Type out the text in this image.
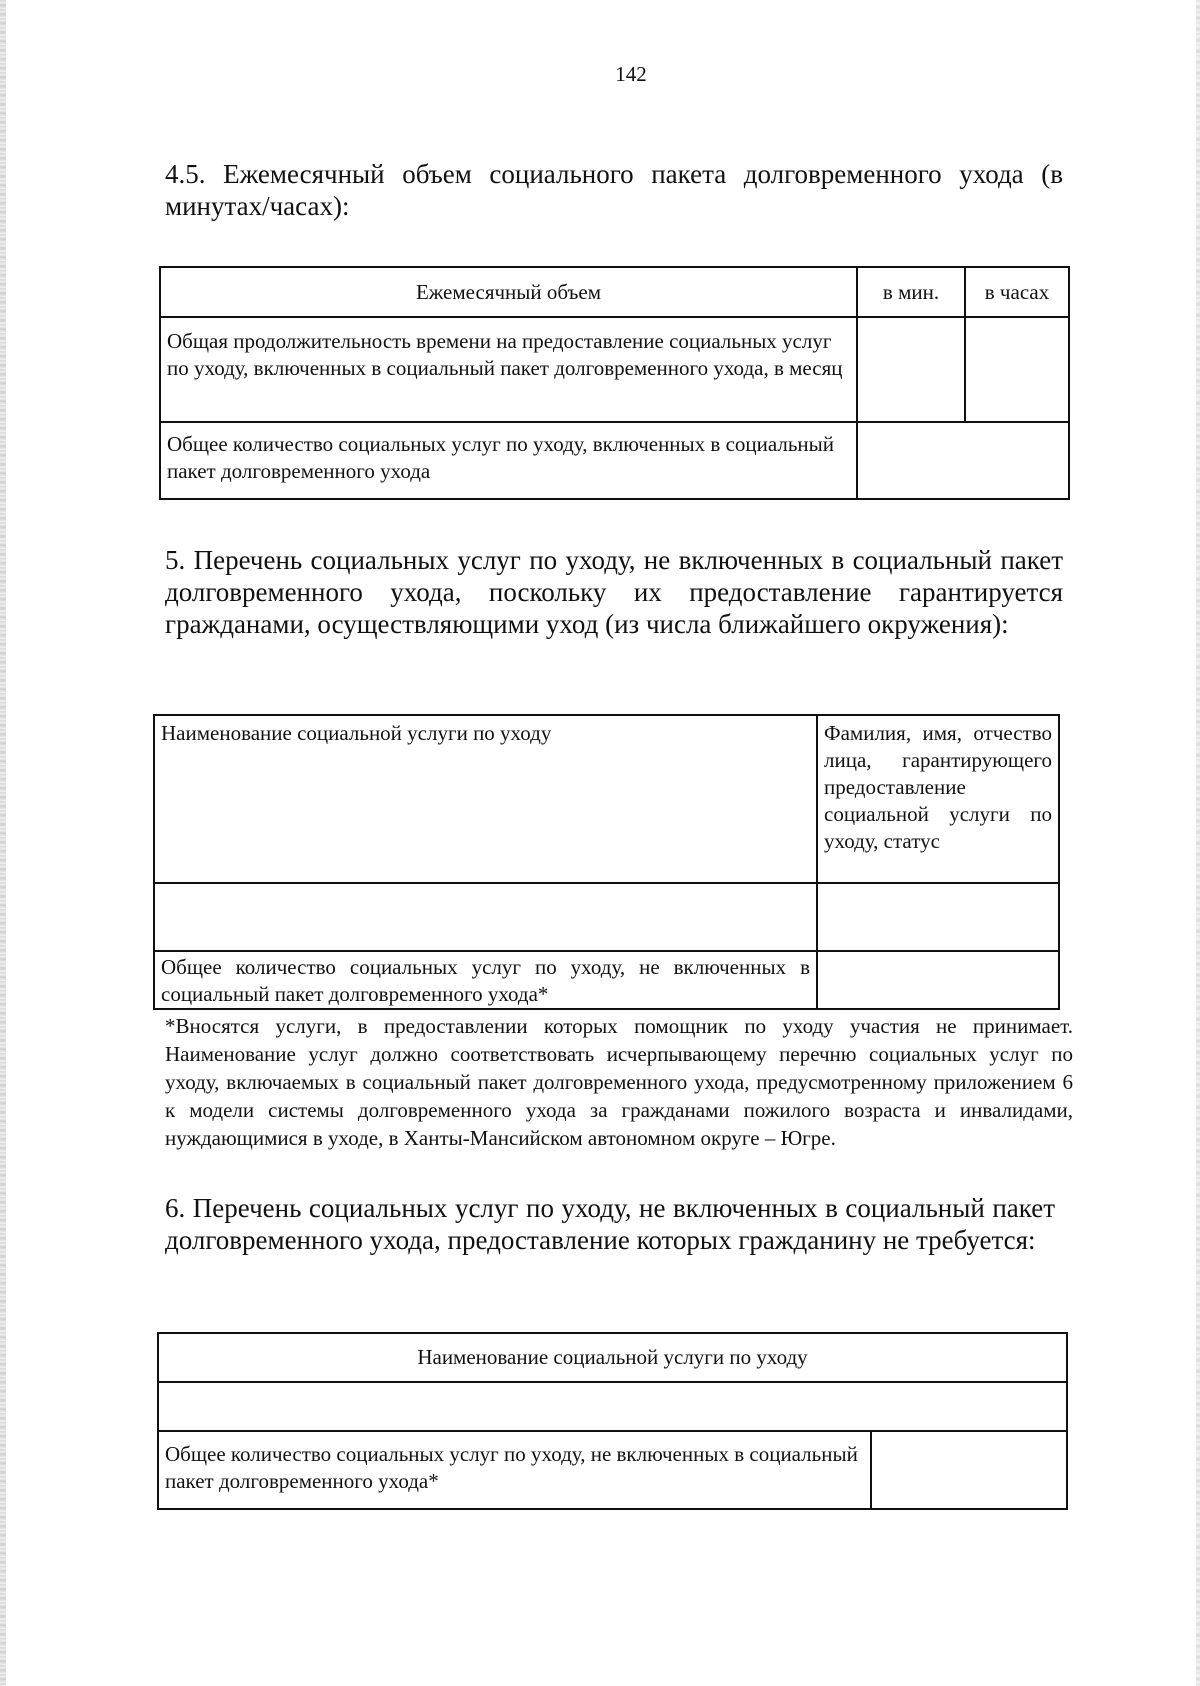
142
4.5. Ежемесячный объем социального пакета долговременного ухода (в минутах/часах):
Ежемесячный объем	в мин.	в часах
Общая продолжительность времени на предоставление социальных услуг по уходу, включенных в социальный пакет долговременного ухода, в месяц		
Общее количество социальных услуг по уходу, включенных в социальный пакет долговременного ухода		
5. Перечень социальных услуг по уходу, не включенных в социальный пакет долговременного ухода, поскольку их предоставление гарантируется гражданами, осуществляющими уход (из числа ближайшего окружения):
Наименование социальной услуги по уходу	Фамилия, имя, отчество лица, гарантирующего предоставление социальной услуги по уходу, статус

Общее количество социальных услуг по уходу, не включенных в социальный пакет долговременного ухода*	
*Вносятся услуги, в предоставлении которых помощник по уходу участия не принимает. Наименование услуг должно соответствовать исчерпывающему перечню социальных услуг по уходу, включаемых в социальный пакет долговременного ухода, предусмотренному приложением 6 к модели системы долговременного ухода за гражданами пожилого возраста и инвалидами, нуждающимися в уходе, в Ханты-Мансийском автономном округе – Югре.
6. Перечень социальных услуг по уходу, не включенных в социальный пакет долговременного ухода, предоставление которых гражданину не требуется:
Наименование социальной услуги по уходу

Общее количество социальных услуг по уходу, не включенных в социальный пакет долговременного ухода*	
